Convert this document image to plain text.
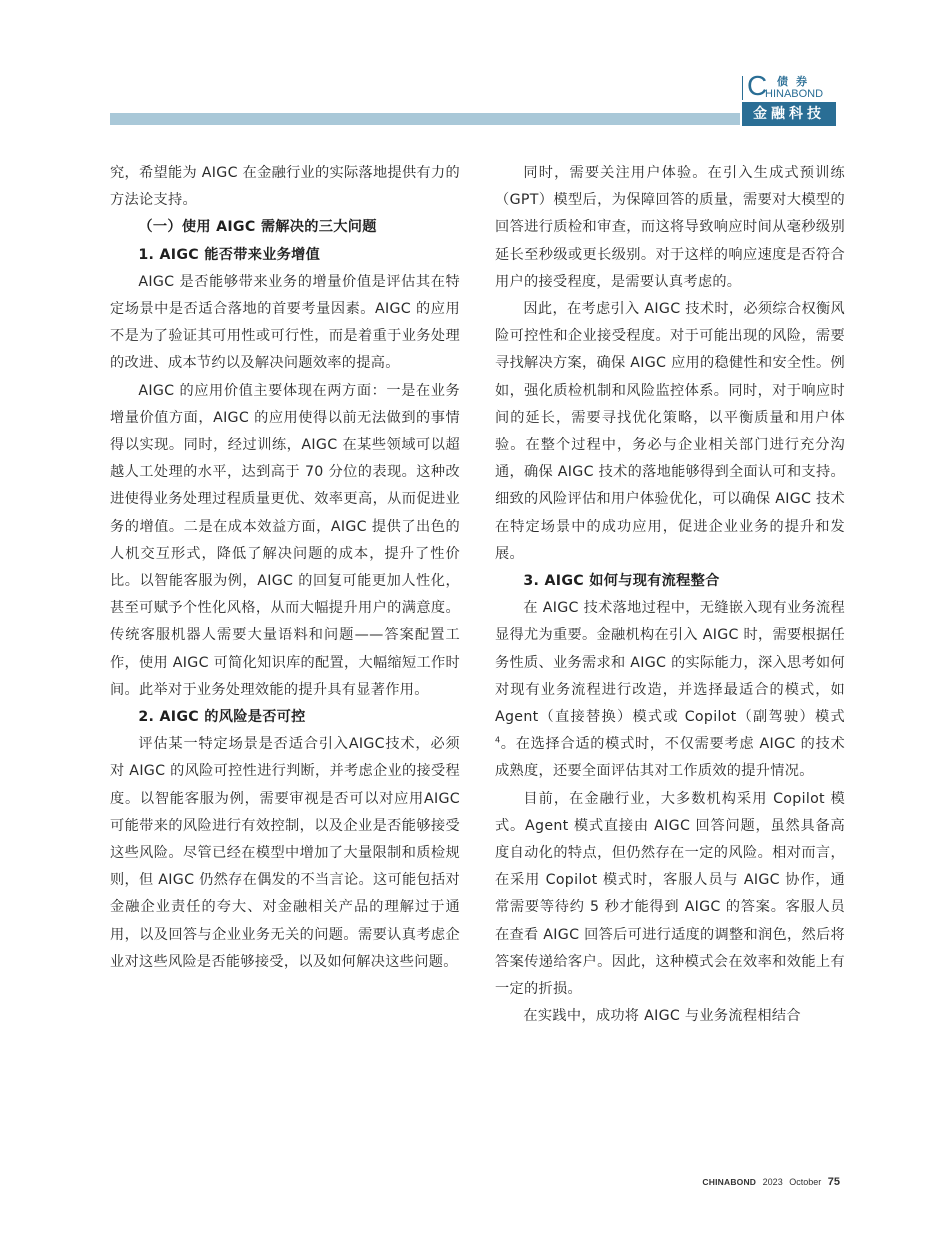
C 债券
HINABOND
金融科技

究，希望能为 AIGC 在金融行业的实际落地提供有力的方法论支持。

（一）使用 AIGC 需解决的三大问题

1. AIGC 能否带来业务增值

AIGC 是否能够带来业务的增量价值是评估其在特定场景中是否适合落地的首要考量因素。AIGC 的应用不是为了验证其可用性或可行性，而是着重于业务处理的改进、成本节约以及解决问题效率的提高。

AIGC 的应用价值主要体现在两方面：一是在业务增量价值方面，AIGC 的应用使得以前无法做到的事情得以实现。同时，经过训练，AIGC 在某些领域可以超越人工处理的水平，达到高于 70 分位的表现。这种改进使得业务处理过程质量更优、效率更高，从而促进业务的增值。二是在成本效益方面，AIGC 提供了出色的人机交互形式，降低了解决问题的成本，提升了性价比。以智能客服为例，AIGC 的回复可能更加人性化，甚至可赋予个性化风格，从而大幅提升用户的满意度。传统客服机器人需要大量语料和问题——答案配置工作，使用 AIGC 可简化知识库的配置，大幅缩短工作时间。此举对于业务处理效能的提升具有显著作用。

2. AIGC 的风险是否可控

评估某一特定场景是否适合引入AIGC技术，必须对 AIGC 的风险可控性进行判断，并考虑企业的接受程度。以智能客服为例，需要审视是否可以对应用AIGC可能带来的风险进行有效控制，以及企业是否能够接受这些风险。尽管已经在模型中增加了大量限制和质检规则，但 AIGC 仍然存在偶发的不当言论。这可能包括对金融企业责任的夸大、对金融相关产品的理解过于通用，以及回答与企业业务无关的问题。需要认真考虑企业对这些风险是否能够接受，以及如何解决这些问题。

同时，需要关注用户体验。在引入生成式预训练（GPT）模型后，为保障回答的质量，需要对大模型的回答进行质检和审查，而这将导致响应时间从毫秒级别延长至秒级或更长级别。对于这样的响应速度是否符合用户的接受程度，是需要认真考虑的。

因此，在考虑引入 AIGC 技术时，必须综合权衡风险可控性和企业接受程度。对于可能出现的风险，需要寻找解决方案，确保 AIGC 应用的稳健性和安全性。例如，强化质检机制和风险监控体系。同时，对于响应时间的延长，需要寻找优化策略，以平衡质量和用户体验。在整个过程中，务必与企业相关部门进行充分沟通，确保 AIGC 技术的落地能够得到全面认可和支持。细致的风险评估和用户体验优化，可以确保 AIGC 技术在特定场景中的成功应用，促进企业业务的提升和发展。

3. AIGC 如何与现有流程整合

在 AIGC 技术落地过程中，无缝嵌入现有业务流程显得尤为重要。金融机构在引入 AIGC 时，需要根据任务性质、业务需求和 AIGC 的实际能力，深入思考如何对现有业务流程进行改造，并选择最适合的模式，如 Agent（直接替换）模式或 Copilot（副驾驶）模式$^4$。在选择合适的模式时，不仅需要考虑 AIGC 的技术成熟度，还要全面评估其对工作质效的提升情况。

目前，在金融行业，大多数机构采用 Copilot 模式。Agent 模式直接由 AIGC 回答问题，虽然具备高度自动化的特点，但仍然存在一定的风险。相对而言，在采用 Copilot 模式时，客服人员与 AIGC 协作，通常需要等待约 5 秒才能得到 AIGC 的答案。客服人员在查看 AIGC 回答后可进行适度的调整和润色，然后将答案传递给客户。因此，这种模式会在效率和效能上有一定的折损。

在实践中，成功将 AIGC 与业务流程相结合

CHINABOND 2023 October 75
